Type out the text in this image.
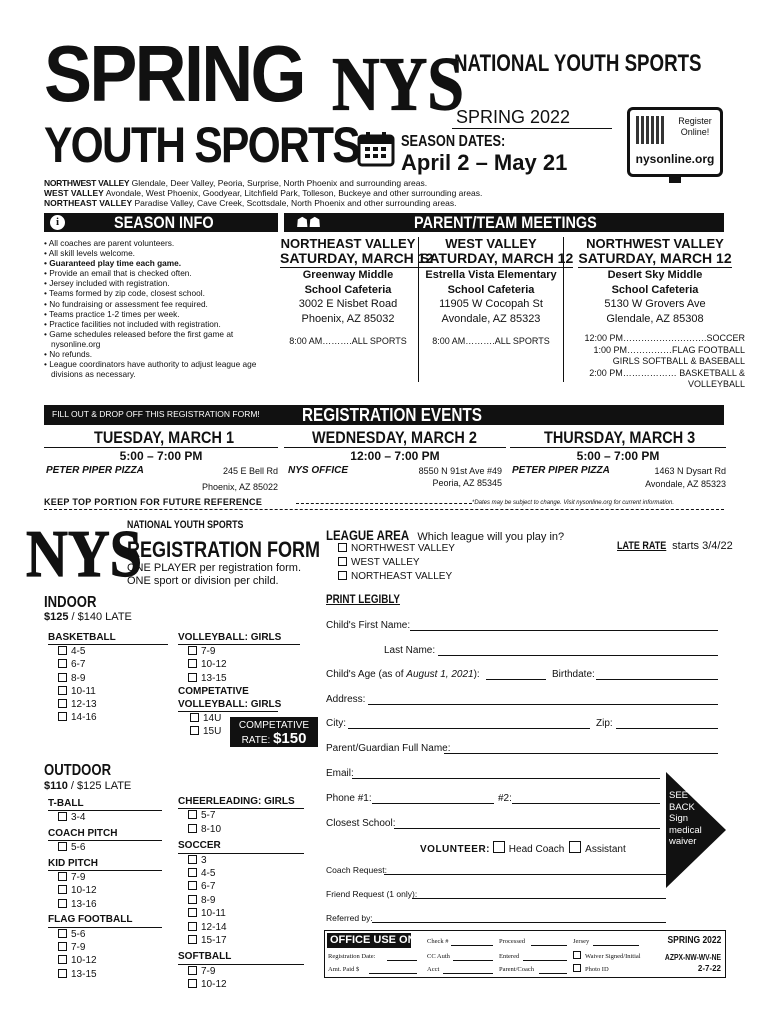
SPRING
YOUTH SPORTS
NYS
NATIONAL YOUTH SPORTS
SPRING 2022
SEASON DATES:
April 2 – May 21
Register Online!
nysonline.org
NORTHWEST VALLEY Glendale, Deer Valley, Peoria, Surprise, North Phoenix and surrounding areas.
WEST VALLEY Avondale, West Phoenix, Goodyear, Litchfield Park, Tolleson, Buckeye and other surrounding areas.
NORTHEAST VALLEY Paradise Valley, Cave Creek, Scottsdale, North Phoenix and other surrounding areas.
i	SEASON INFO	☗☗	PARENT/TEAM MEETINGS
• All coaches are parent volunteers.
• All skill levels welcome.
• Guaranteed play time each game.
• Provide an email that is checked often.
• Jersey included with registration.
• Teams formed by zip code, closest school.
• No fundraising or assessment fee required.
• Teams practice 1-2 times per week.
• Practice facilities not included with registration.
• Game schedules released before the first game at nysonline.org
• No refunds.
• League coordinators have authority to adjust league age divisions as necessary.
NORTHEAST VALLEY
SATURDAY, MARCH 12
Greenway Middle
School Cafeteria
3002 E Nisbet Road
Phoenix, AZ 85032
8:00 AM……….ALL SPORTS
WEST VALLEY
SATURDAY, MARCH 12
Estrella Vista Elementary
School Cafeteria
11905 W Cocopah St
Avondale, AZ 85323
8:00 AM……….ALL SPORTS
NORTHWEST VALLEY
SATURDAY, MARCH 12
Desert Sky Middle
School Cafeteria
5130 W Grovers Ave
Glendale, AZ 85308
12:00 PM……………………….SOCCER
1:00 PM……………FLAG FOOTBALL
GIRLS SOFTBALL & BASEBALL
2:00 PM……………… BASKETBALL &
VOLLEYBALL
FILL OUT & DROP OFF THIS REGISTRATION FORM! REGISTRATION EVENTS
TUESDAY, MARCH 1
5:00 – 7:00 PM
PETER PIPER PIZZA	245 E Bell Rd
Phoenix, AZ 85022
WEDNESDAY, MARCH 2
12:00 – 7:00 PM
NYS OFFICE	8550 N 91st Ave #49
Peoria, AZ 85345
THURSDAY, MARCH 3
5:00 – 7:00 PM
PETER PIPER PIZZA	1463 N Dysart Rd
Avondale, AZ 85323
KEEP TOP PORTION FOR FUTURE REFERENCE	*Dates may be subject to change. Visit nysonline.org for current information.
NYS
NATIONAL YOUTH SPORTS
REGISTRATION FORM
ONE PLAYER per registration form.
ONE sport or division per child.
LEAGUE AREA Which league will you play in?
LATE RATE starts 3/4/22
NORTHWEST VALLEY
WEST VALLEY
NORTHEAST VALLEY
PRINT LEGIBLY
INDOOR
$125 / $140 LATE
BASKETBALL
4-5
6-7
8-9
10-11
12-13
14-16
VOLLEYBALL: GIRLS
7-9
10-12
13-15
COMPETATIVE
VOLLEYBALL: GIRLS
14U
15U
COMPETATIVE
RATE: $150
OUTDOOR
$110 / $125 LATE
T-BALL
3-4
COACH PITCH
5-6
KID PITCH
7-9
10-12
13-16
FLAG FOOTBALL
5-6
7-9
10-12
13-15
CHEERLEADING: GIRLS
5-7
8-10
SOCCER
3
4-5
6-7
8-9
10-11
12-14
15-17
SOFTBALL
7-9
10-12
Child's First Name:
Last Name:
Child's Age (as of August 1, 2021):	Birthdate:
Address:
City:	Zip:
Parent/Guardian Full Name:
Email:
Phone #1:	#2:
Closest School:
VOLUNTEER: Head Coach Assistant
Coach Request:
Friend Request (1 only):
Referred by:
SEE
BACK
Sign
medical
waiver
OFFICE USE ONLY
Registration Date:
Amt. Paid $
Check #
CC Auth
Acct
Processed
Entered
Parent/Coach
Jersey
Waiver Signed/Initial
Photo ID
SPRING 2022
AZPX-NW-WV-NE
2-7-22
